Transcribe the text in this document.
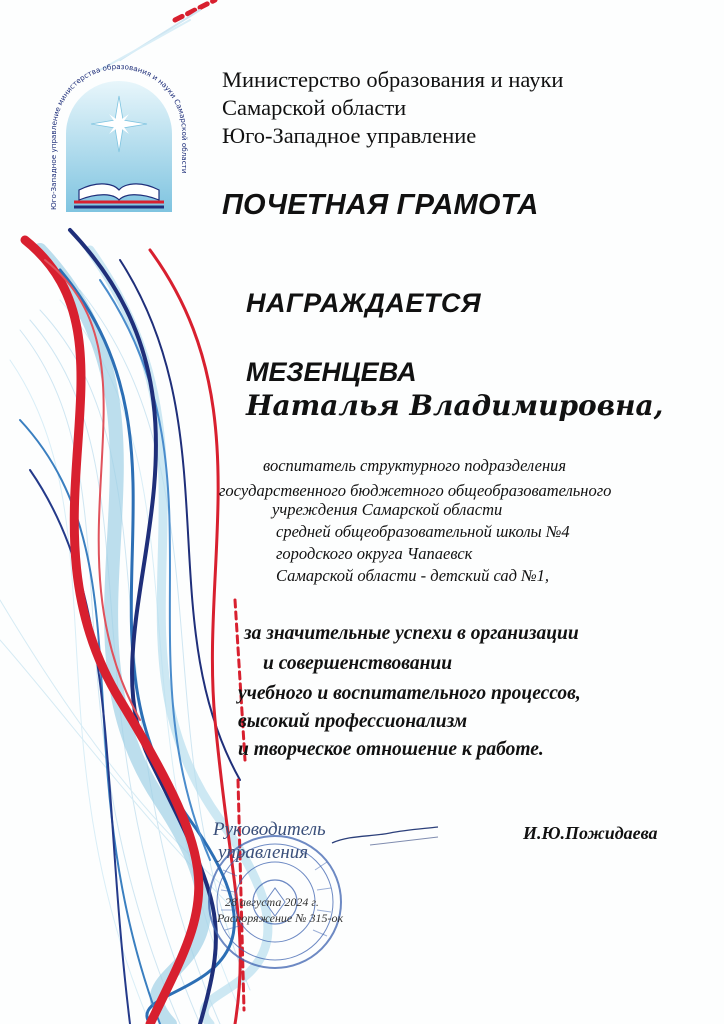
Юго-Западное управление министерства образования и науки Самарской области
Министерство образования и науки
Самарской области
Юго-Западное управление
ПОЧЕТНАЯ ГРАМОТА
НАГРАЖДАЕТСЯ
МЕЗЕНЦЕВА
Наталья Владимировна,
воспитатель структурного подразделения
государственного бюджетного общеобразовательного
учреждения Самарской области
средней общеобразовательной школы №4
городского округа Чапаевск
Самарской области - детский сад №1,
за значительные успехи в организации
и совершенствовании
учебного и воспитательного процессов,
высокий профессионализм
и творческое отношение к работе.
Руководитель
управления
И.Ю.Пожидаева
28 августа 2024 г.
Распоряжение № 315-ок
